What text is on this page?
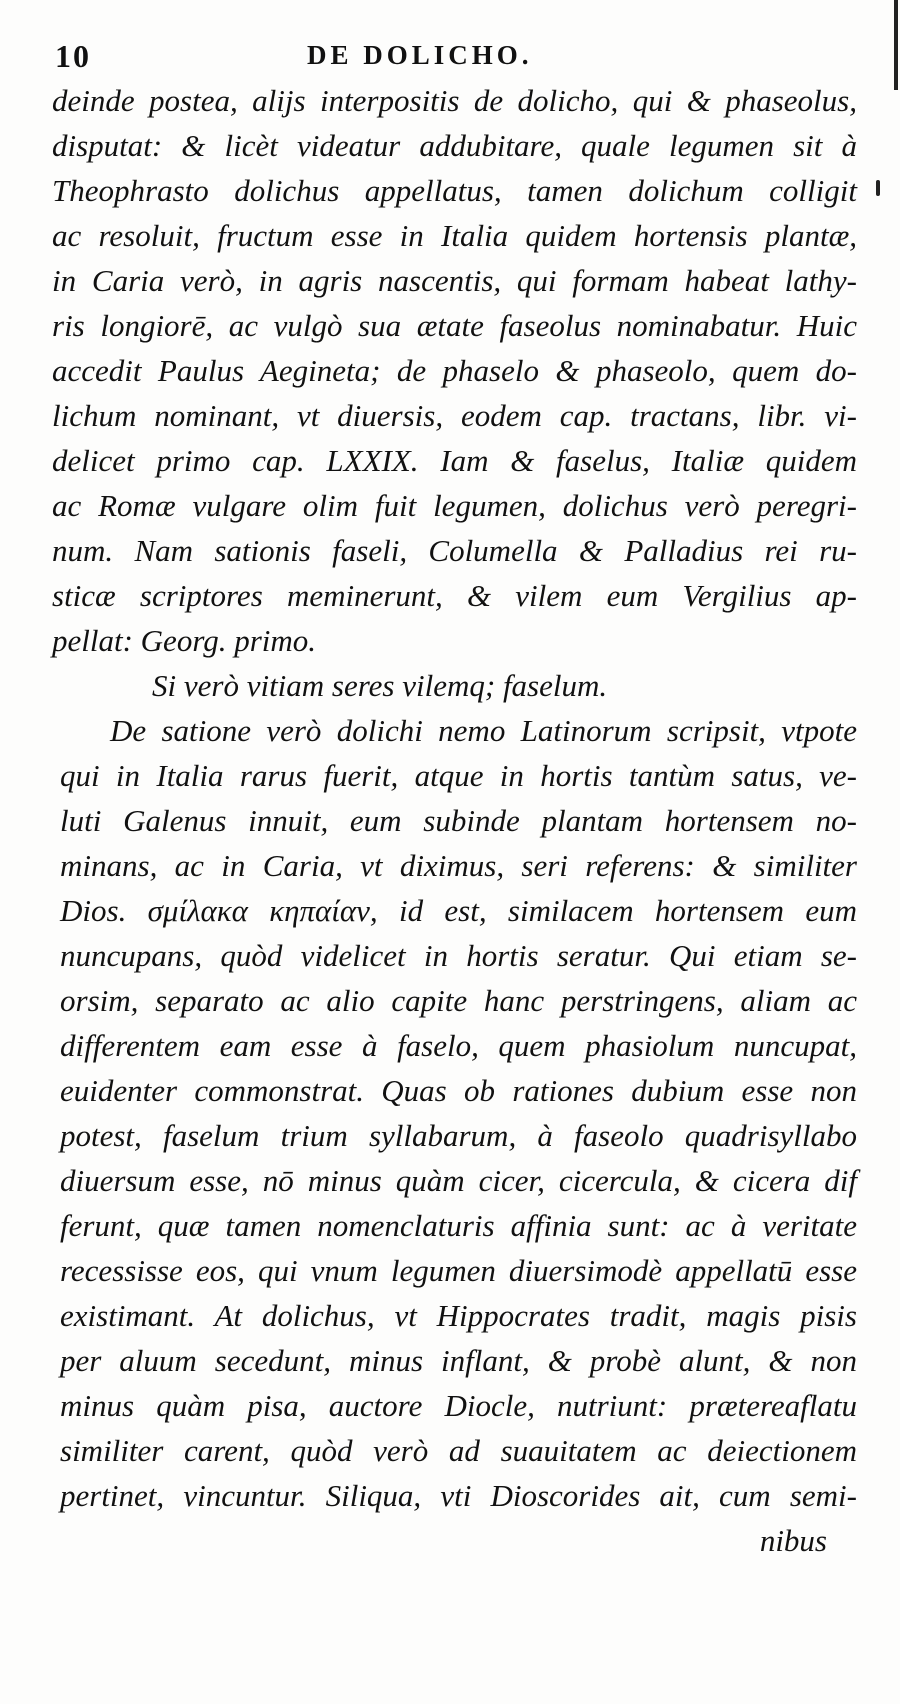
10	DE DOLICHO.
deinde postea, alijs interpositis de dolicho, qui & phaseolus,
disputat: & licèt videatur addubitare, quale legumen sit à
Theophrasto dolichus appellatus, tamen dolichum colligit
ac resoluit, fructum esse in Italia quidem hortensis plantæ,
in Caria verò, in agris nascentis, qui formam habeat lathy-
ris longiorē, ac vulgò sua ætate faseolus nominabatur. Huic
accedit Paulus Aegineta; de phaselo & phaseolo, quem do-
lichum nominant, vt diuersis, eodem cap. tractans, libr. vi-
delicet primo cap. LXXIX. Iam & faselus, Italiæ quidem
ac Romæ vulgare olim fuit legumen, dolichus verò peregri-
num. Nam sationis faseli, Columella & Palladius rei ru-
sticæ scriptores meminerunt, & vilem eum Vergilius ap-
pellat: Georg. primo.
Si verò vitiam seres vilemq; faselum.
De satione verò dolichi nemo Latinorum scripsit, vtpote
qui in Italia rarus fuerit, atque in hortis tantùm satus, ve-
luti Galenus innuit, eum subinde plantam hortensem no-
minans, ac in Caria, vt diximus, seri referens: & similiter
Dios. σμίλακα κηπαίαν, id est, similacem hortensem eum
nuncupans, quòd videlicet in hortis seratur. Qui etiam se-
orsim, separato ac alio capite hanc perstringens, aliam ac
differentem eam esse à faselo, quem phasiolum nuncupat,
euidenter commonstrat. Quas ob rationes dubium esse non
potest, faselum trium syllabarum, à faseolo quadrisyllabo
diuersum esse, nō minus quàm cicer, cicercula, & cicera dif
ferunt, quæ tamen nomenclaturis affinia sunt: ac à veritate
recessisse eos, qui vnum legumen diuersimodè appellatū esse
existimant. At dolichus, vt Hippocrates tradit, magis pisis
per aluum secedunt, minus inflant, & probè alunt, & non
minus quàm pisa, auctore Diocle, nutriunt: prætereaflatu
similiter carent, quòd verò ad suauitatem ac deiectionem
pertinet, vincuntur. Siliqua, vti Dioscorides ait, cum semi-
nibus
